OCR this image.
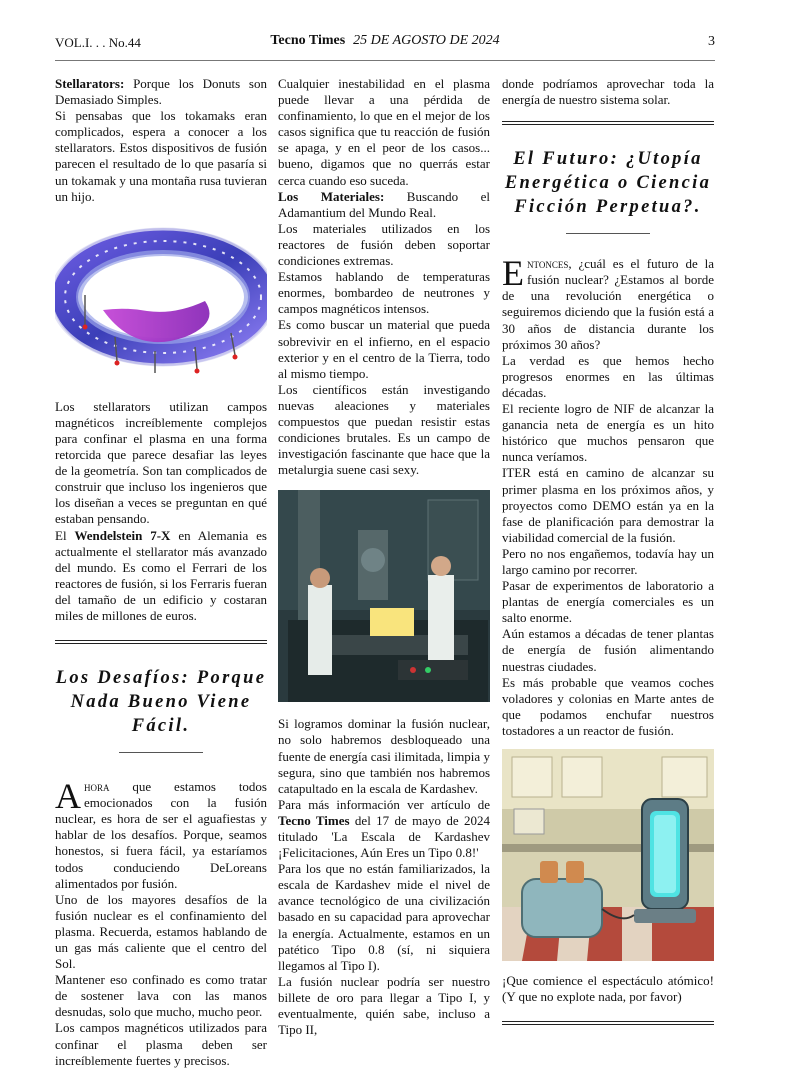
VOL.I. . . No.44	Tecno Times 25 DE AGOSTO DE 2024	3

Stellarators: Porque los Donuts son Demasiado Simples.

Si pensabas que los tokamaks eran complicados, espera a conocer a los stellarators. Estos dispositivos de fusión parecen el resultado de lo que pasaría si un tokamak y una montaña rusa tuvieran un hijo.

Los stellarators utilizan campos magnéticos increíblemente complejos para confinar el plasma en una forma retorcida que parece desafiar las leyes de la geometría. Son tan complicados de construir que incluso los ingenieros que los diseñan a veces se preguntan en qué estaban pensando.

El Wendelstein 7-X en Alemania es actualmente el stellarator más avanzado del mundo. Es como el Ferrari de los reactores de fusión, si los Ferraris fueran del tamaño de un edificio y costaran miles de millones de euros.

Los Desafíos: Porque Nada Bueno Viene Fácil.

Ahora que estamos todos emocionados con la fusión nuclear, es hora de ser el aguafiestas y hablar de los desafíos. Porque, seamos honestos, si fuera fácil, ya estaríamos todos conduciendo DeLoreans alimentados por fusión.

Uno de los mayores desafíos de la fusión nuclear es el confinamiento del plasma. Recuerda, estamos hablando de un gas más caliente que el centro del Sol.

Mantener eso confinado es como tratar de sostener lava con las manos desnudas, solo que mucho, mucho peor.

Los campos magnéticos utilizados para confinar el plasma deben ser increíblemente fuertes y precisos.

Cualquier inestabilidad en el plasma puede llevar a una pérdida de confinamiento, lo que en el mejor de los casos significa que tu reacción de fusión se apaga, y en el peor de los casos... bueno, digamos que no querrás estar cerca cuando eso suceda.

Los Materiales: Buscando el Adamantium del Mundo Real.

Los materiales utilizados en los reactores de fusión deben soportar condiciones extremas.

Estamos hablando de temperaturas enormes, bombardeo de neutrones y campos magnéticos intensos.

Es como buscar un material que pueda sobrevivir en el infierno, en el espacio exterior y en el centro de la Tierra, todo al mismo tiempo.

Los científicos están investigando nuevas aleaciones y materiales compuestos que puedan resistir estas condiciones brutales. Es un campo de investigación fascinante que hace que la metalurgia suene casi sexy.

Si logramos dominar la fusión nuclear, no solo habremos desbloqueado una fuente de energía casi ilimitada, limpia y segura, sino que también nos habremos catapultado en la escala de Kardashev.

Para más información ver artículo de Tecno Times del 17 de mayo de 2024 titulado 'La Escala de Kardashev ¡Felicitaciones, Aún Eres un Tipo 0.8!'

Para los que no están familiarizados, la escala de Kardashev mide el nivel de avance tecnológico de una civilización basado en su capacidad para aprovechar la energía. Actualmente, estamos en un patético Tipo 0.8 (sí, ni siquiera llegamos al Tipo I).

La fusión nuclear podría ser nuestro billete de oro para llegar a Tipo I, y eventualmente, quién sabe, incluso a Tipo II,

donde podríamos aprovechar toda la energía de nuestro sistema solar.

El Futuro: ¿Utopía Energética o Ciencia Ficción Perpetua?.

Entonces, ¿cuál es el futuro de la fusión nuclear? ¿Estamos al borde de una revolución energética o seguiremos diciendo que la fusión está a 30 años de distancia durante los próximos 30 años?

La verdad es que hemos hecho progresos enormes en las últimas décadas.

El reciente logro de NIF de alcanzar la ganancia neta de energía es un hito histórico que muchos pensaron que nunca veríamos.

ITER está en camino de alcanzar su primer plasma en los próximos años, y proyectos como DEMO están ya en la fase de planificación para demostrar la viabilidad comercial de la fusión.

Pero no nos engañemos, todavía hay un largo camino por recorrer.

Pasar de experimentos de laboratorio a plantas de energía comerciales es un salto enorme.

Aún estamos a décadas de tener plantas de energía de fusión alimentando nuestras ciudades.

Es más probable que veamos coches voladores y colonias en Marte antes de que podamos enchufar nuestros tostadores a un reactor de fusión.

¡Que comience el espectáculo atómico! (Y que no explote nada, por favor)
